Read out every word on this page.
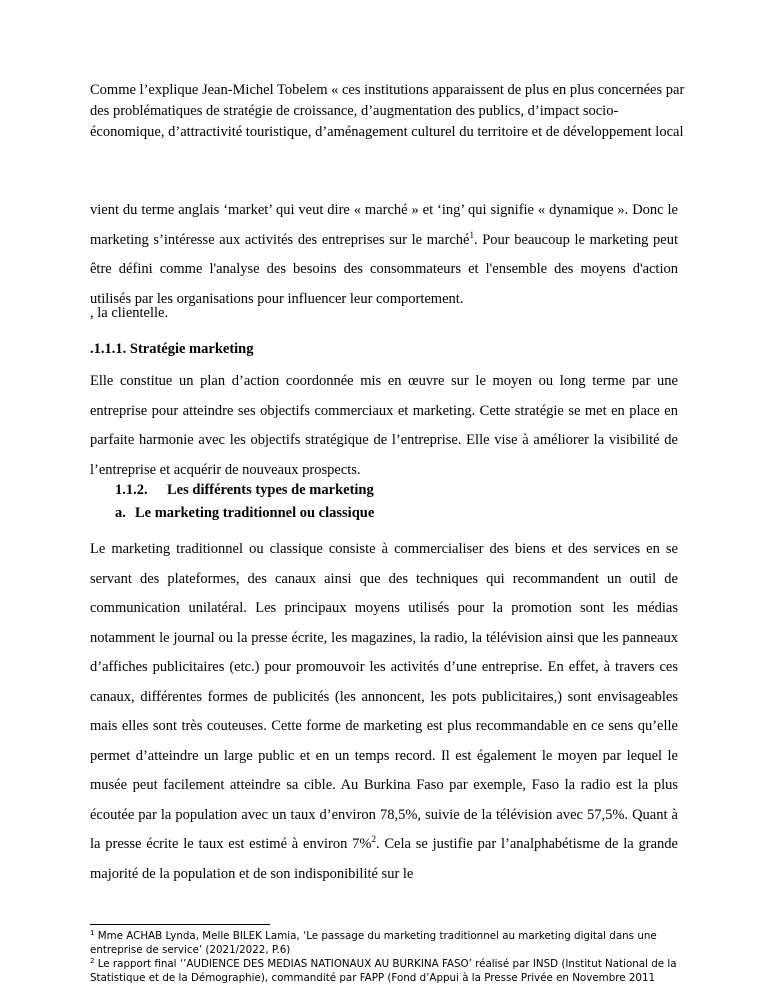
Comme l’explique Jean-Michel Tobelem « ces institutions apparaissent de plus en plus concernées par des problématiques de stratégie de croissance, d’augmentation des publics, d’impact socio-économique, d’attractivité touristique, d’aménagement culturel du territoire et de développement local
vient du terme anglais ‘market’ qui veut dire « marché » et ‘ing’ qui signifie « dynamique ». Donc le marketing s’intéresse aux activités des entreprises sur le marché$^1$. Pour beaucoup le marketing peut être défini comme l'analyse des besoins des consommateurs et l'ensemble des moyens d'action utilisés par les organisations pour influencer leur comportement.
, la clientelle.
.1.1.1. Stratégie marketing
Elle constitue un plan d’action coordonnée mis en œuvre sur le moyen ou long terme par une entreprise pour atteindre ses objectifs commerciaux et marketing. Cette stratégie se met en place en parfaite harmonie avec les objectifs stratégique de l’entreprise. Elle vise à améliorer la visibilité de l’entreprise et acquérir de nouveaux prospects.
1.1.2. Les différents types de marketing
a. Le marketing traditionnel ou classique
Le marketing traditionnel ou classique consiste à commercialiser des biens et des services en se servant des plateformes, des canaux ainsi que des techniques qui recommandent un outil de communication unilatéral. Les principaux moyens utilisés pour la promotion sont les médias notamment le journal ou la presse écrite, les magazines, la radio, la télévision ainsi que les panneaux d’affiches publicitaires (etc.) pour promouvoir les activités d’une entreprise. En effet, à travers ces canaux, différentes formes de publicités (les annoncent, les pots publicitaires,) sont envisageables mais elles sont très couteuses. Cette forme de marketing est plus recommandable en ce sens qu’elle permet d’atteindre un large public et en un temps record. Il est également le moyen par lequel le musée peut facilement atteindre sa cible. Au Burkina Faso par exemple, Faso la radio est la plus écoutée par la population avec un taux d’environ 78,5%, suivie de la télévision avec 57,5%. Quant à la presse écrite le taux est estimé à environ 7%$^2$. Cela se justifie par l’analphabétisme de la grande majorité de la population et de son indisponibilité sur le
$^1$ Mme ACHAB Lynda, Melle BILEK Lamia, ‘Le passage du marketing traditionnel au marketing digital dans une entreprise de service’ (2021/2022, P.6)
$^2$ Le rapport final ‘’AUDIENCE DES MEDIAS NATIONAUX AU BURKINA FASO’ réalisé par INSD (Institut National de la Statistique et de la Démographie), commandité par FAPP (Fond d’Appui à la Presse Privée en Novembre 2011
